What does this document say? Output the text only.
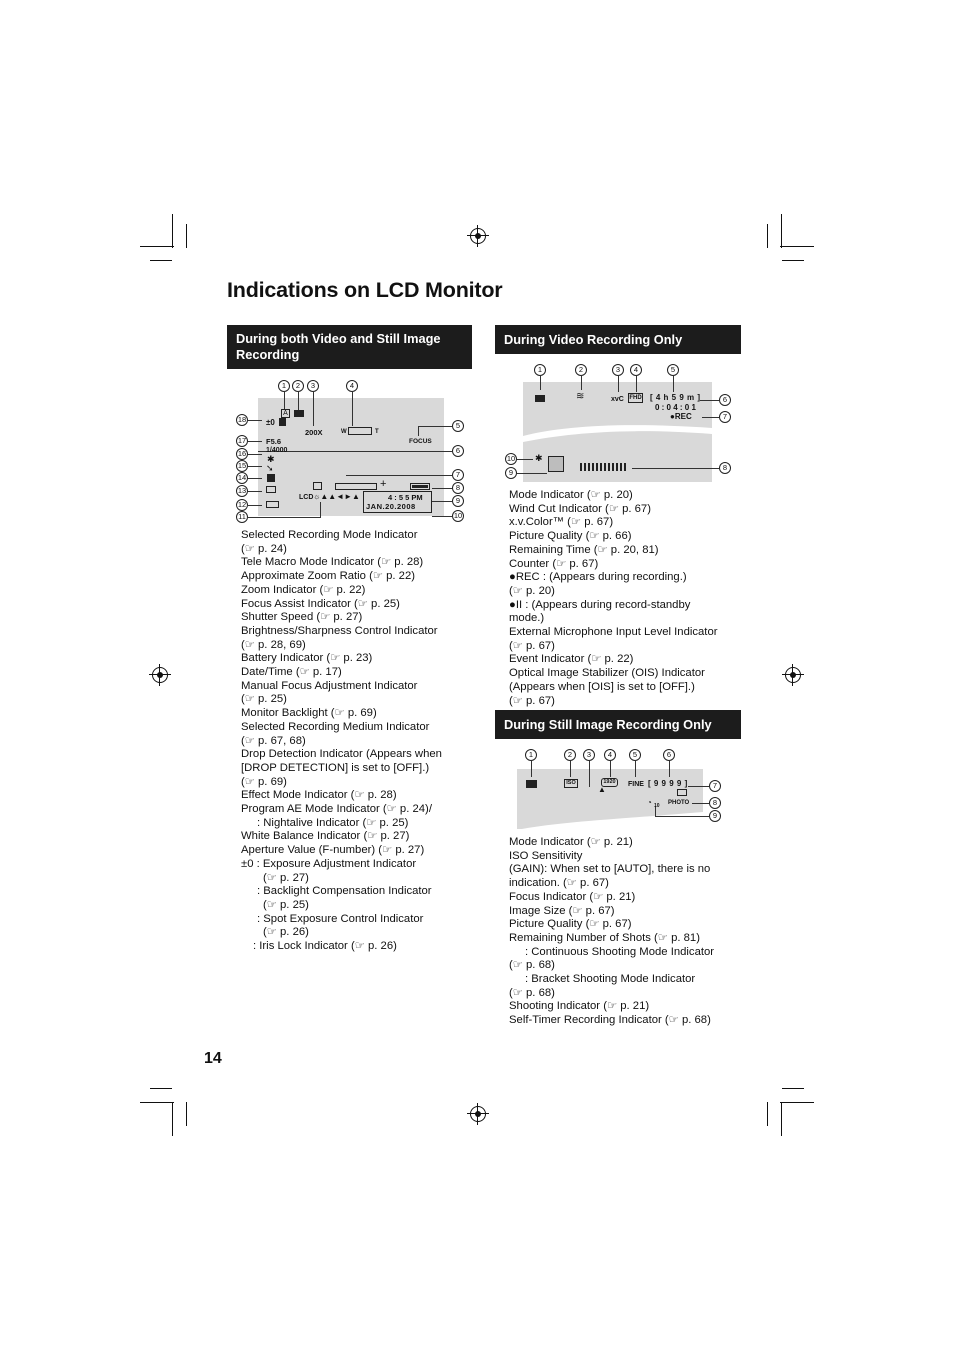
Indications on LCD Monitor
During both Video and Still Image Recording
1	2	3	4
5
6
7
8
9
10
18
17
16
15
14
13
12
11
A
±0
200X	W	T
FOCUS
F5.6
1/4000
✱
➘
+
LCD ☼▲▲◄►▲	4 : 5 5 PM
JAN.20.2008
Selected Recording Mode Indicator
(☞ p. 24)
Tele Macro Mode Indicator (☞ p. 28)
Approximate Zoom Ratio (☞ p. 22)
Zoom Indicator (☞ p. 22)
Focus Assist Indicator (☞ p. 25)
Shutter Speed (☞ p. 27)
Brightness/Sharpness Control Indicator
(☞ p. 28, 69)
Battery Indicator (☞ p. 23)
Date/Time (☞ p. 17)
Manual Focus Adjustment Indicator
(☞ p. 25)
Monitor Backlight (☞ p. 69)
Selected Recording Medium Indicator
(☞ p. 67, 68)
Drop Detection Indicator (Appears when
[DROP DETECTION] is set to [OFF].)
(☞ p. 69)
Effect Mode Indicator (☞ p. 28)
Program AE Mode Indicator (☞ p. 24)/
: Nightalive Indicator (☞ p. 25)
White Balance Indicator (☞ p. 27)
Aperture Value (F-number) (☞ p. 27)
±0 : Exposure Adjustment Indicator
(☞ p. 27)
: Backlight Compensation Indicator
(☞ p. 25)
: Spot Exposure Control Indicator
(☞ p. 26)
: Iris Lock Indicator (☞ p. 26)
During Video Recording Only
1	2	3	4	5
6
7
8
10
9
≋	xvC FHD [ 4 h 5 9 m ]
0 : 0 4 : 0 1
●REC
✱
Mode Indicator (☞ p. 20)
Wind Cut Indicator (☞ p. 67)
x.v.Color™ (☞ p. 67)
Picture Quality (☞ p. 66)
Remaining Time (☞ p. 20, 81)
Counter (☞ p. 67)
●REC : (Appears during recording.)
(☞ p. 20)
●II : (Appears during record-standby
mode.)
External Microphone Input Level Indicator
(☞ p. 67)
Event Indicator (☞ p. 22)
Optical Image Stabilizer (OIS) Indicator
(Appears when [OIS] is set to [OFF].)
(☞ p. 67)
During Still Image Recording Only
1	2	3	4	5	6
7
8
9
ISO
▲
1920	FINE [ 9 9 9 9 ]
PHOTO
◔ 10
Mode Indicator (☞ p. 21)
ISO Sensitivity
(GAIN): When set to [AUTO], there is no
indication. (☞ p. 67)
Focus Indicator (☞ p. 21)
Image Size (☞ p. 67)
Picture Quality (☞ p. 67)
Remaining Number of Shots (☞ p. 81)
: Continuous Shooting Mode Indicator
(☞ p. 68)
: Bracket Shooting Mode Indicator
(☞ p. 68)
Shooting Indicator (☞ p. 21)
Self-Timer Recording Indicator (☞ p. 68)
14
